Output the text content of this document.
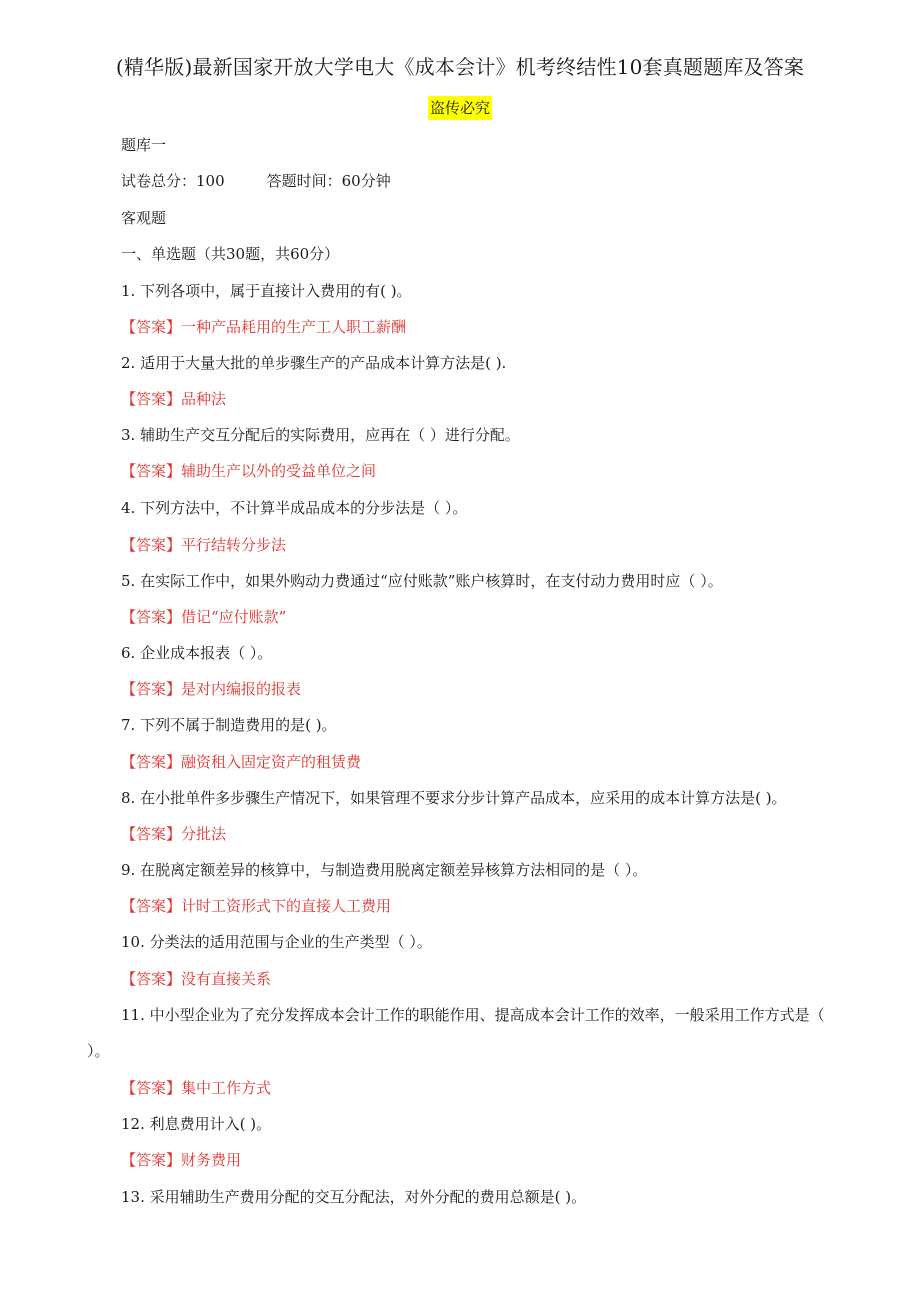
(精华版)最新国家开放大学电大《成本会计》机考终结性10套真题题库及答案
盗传必究
题库一
试卷总分：100	答题时间：60分钟
客观题
一、单选题（共30题，共60分）
1. 下列各项中，属于直接计入费用的有( )。
【答案】一种产品耗用的生产工人职工薪酬
2. 适用于大量大批的单步骤生产的产品成本计算方法是( ).
【答案】品种法
3. 辅助生产交互分配后的实际费用，应再在（ ）进行分配。
【答案】辅助生产以外的受益单位之间
4. 下列方法中，不计算半成品成本的分步法是（ ）。
【答案】平行结转分步法
5. 在实际工作中，如果外购动力费通过“应付账款”账户核算时，在支付动力费用时应（ ）。
【答案】借记“应付账款”
6. 企业成本报表（ ）。
【答案】是对内编报的报表
7. 下列不属于制造费用的是( )。
【答案】融资租入固定资产的租赁费
8. 在小批单件多步骤生产情况下，如果管理不要求分步计算产品成本，应采用的成本计算方法是( )。
【答案】分批法
9. 在脱离定额差异的核算中，与制造费用脱离定额差异核算方法相同的是（ ）。
【答案】计时工资形式下的直接人工费用
10. 分类法的适用范围与企业的生产类型（ ）。
【答案】没有直接关系
11. 中小型企业为了充分发挥成本会计工作的职能作用、提高成本会计工作的效率，一般采用工作方式是（ ）。
【答案】集中工作方式
12. 利息费用计入( )。
【答案】财务费用
13. 采用辅助生产费用分配的交互分配法，对外分配的费用总额是( )。
